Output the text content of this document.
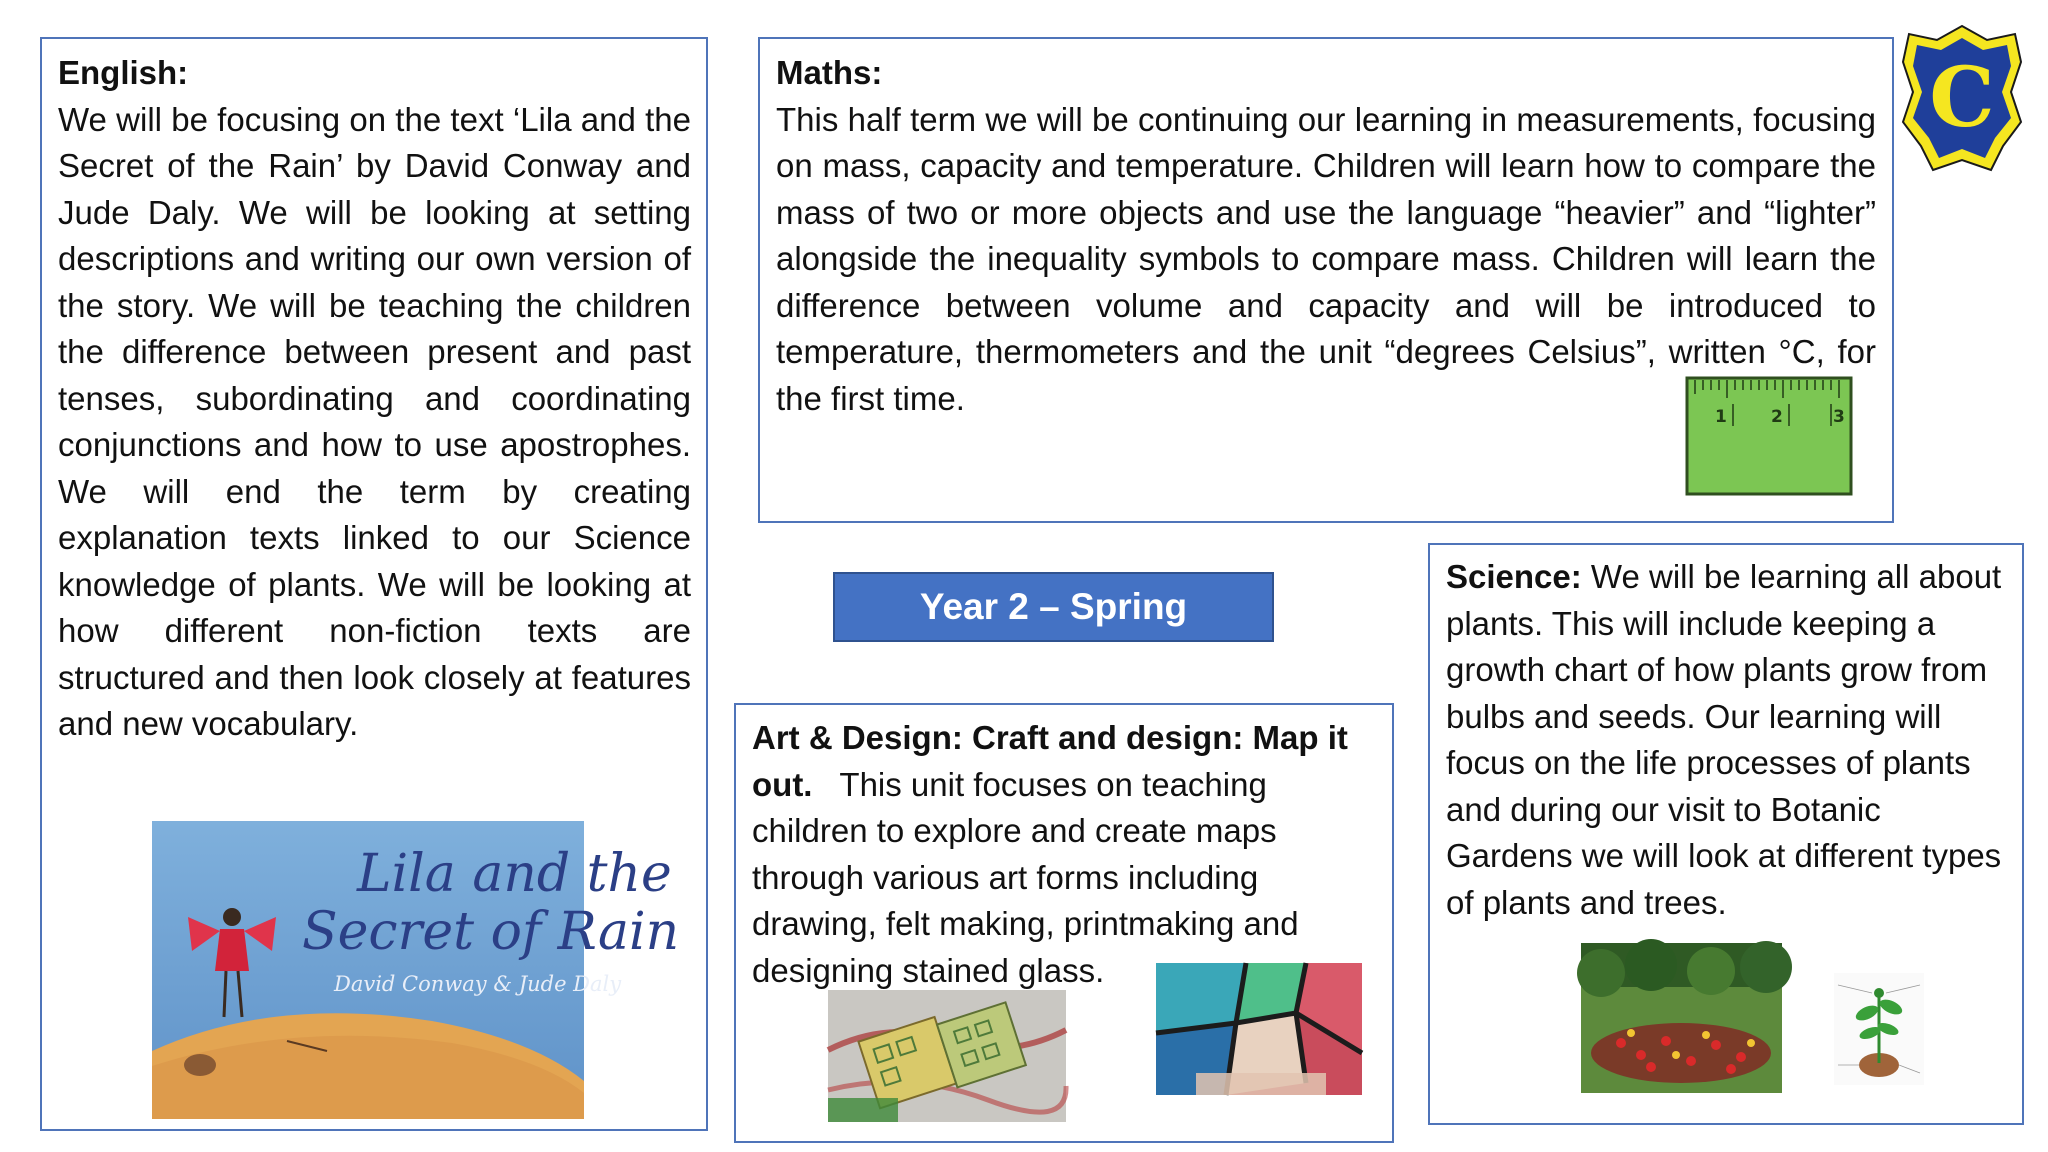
English:
We will be focusing on the text ‘Lila and the Secret of the Rain’ by David Conway and Jude Daly. We will be looking at setting descriptions and writing our own version of the story. We will be teaching the children the difference between present and past tenses, subordinating and coordinating conjunctions and how to use apostrophes. We will end the term by creating explanation texts linked to our Science knowledge of plants. We will be looking at how different non-fiction texts are structured and then look closely at features and new vocabulary.
Lila and the
Secret of Rain
David Conway & Jude Daly
Maths:
This half term we will be continuing our learning in measurements, focusing on mass, capacity and temperature. Children will learn how to compare the mass of two or more objects and use the language “heavier” and “lighter” alongside the inequality symbols to compare mass. Children will learn the difference between volume and capacity and will be introduced to temperature, thermometers and the unit “degrees Celsius”, written °C, for the first time.
1	2	3
C
Year 2 – Spring
Art & Design: Craft and design: Map it out. This unit focuses on teaching children to explore and create maps through various art forms including drawing, felt making, printmaking and designing stained glass.
Science: We will be learning all about plants. This will include keeping a growth chart of how plants grow from bulbs and seeds. Our learning will focus on the life processes of plants and during our visit to Botanic Gardens we will look at different types of plants and trees.
